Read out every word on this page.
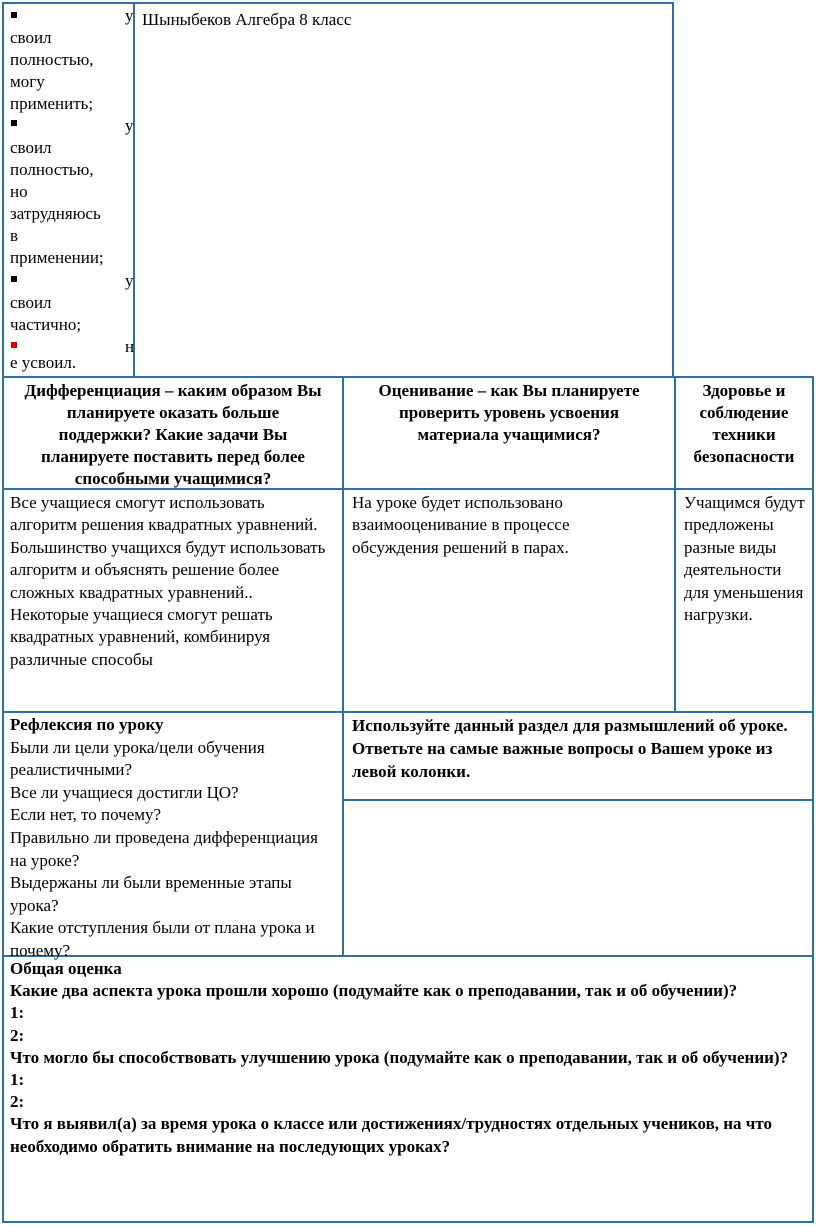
у
своил
полностью,
могу
применить;
у
своил
полностью,
но
затрудняюсь
в
применении;
у
своил
частично;
н
е усвоил.
Шыныбеков Алгебра 8 класс
Дифференциация – каким образом Вы планируете оказать больше поддержки? Какие задачи Вы планируете поставить перед более способными учащимися?
Оценивание – как Вы планируете проверить уровень усвоения материала учащимися?
Здоровье и соблюдение техники безопасности
Все учащиеся смогут использовать алгоритм решения квадратных уравнений.
Большинство учащихся будут использовать алгоритм и объяснять решение более сложных квадратных уравнений..
Некоторые учащиеся смогут решать квадратных уравнений, комбинируя различные способы
На уроке будет использовано взаимооценивание в процессе обсуждения решений в парах.
Учащимся будут предложены разные виды деятельности для уменьшения нагрузки.
Рефлексия по уроку
Были ли цели урока/цели обучения реалистичными?
Все ли учащиеся достигли ЦО?
Если нет, то почему?
Правильно ли проведена дифференциация на уроке?
Выдержаны ли были временные этапы урока?
Какие отступления были от плана урока и почему?
Используйте данный раздел для размышлений об уроке. Ответьте на самые важные вопросы о Вашем уроке из левой колонки.
Общая оценка
Какие два аспекта урока прошли хорошо (подумайте как о преподавании, так и об обучении)?
1:
2:
Что могло бы способствовать улучшению урока (подумайте как о преподавании, так и об обучении)?
1:
2:
Что я выявил(а) за время урока о классе или достижениях/трудностях отдельных учеников, на что необходимо обратить внимание на последующих уроках?
